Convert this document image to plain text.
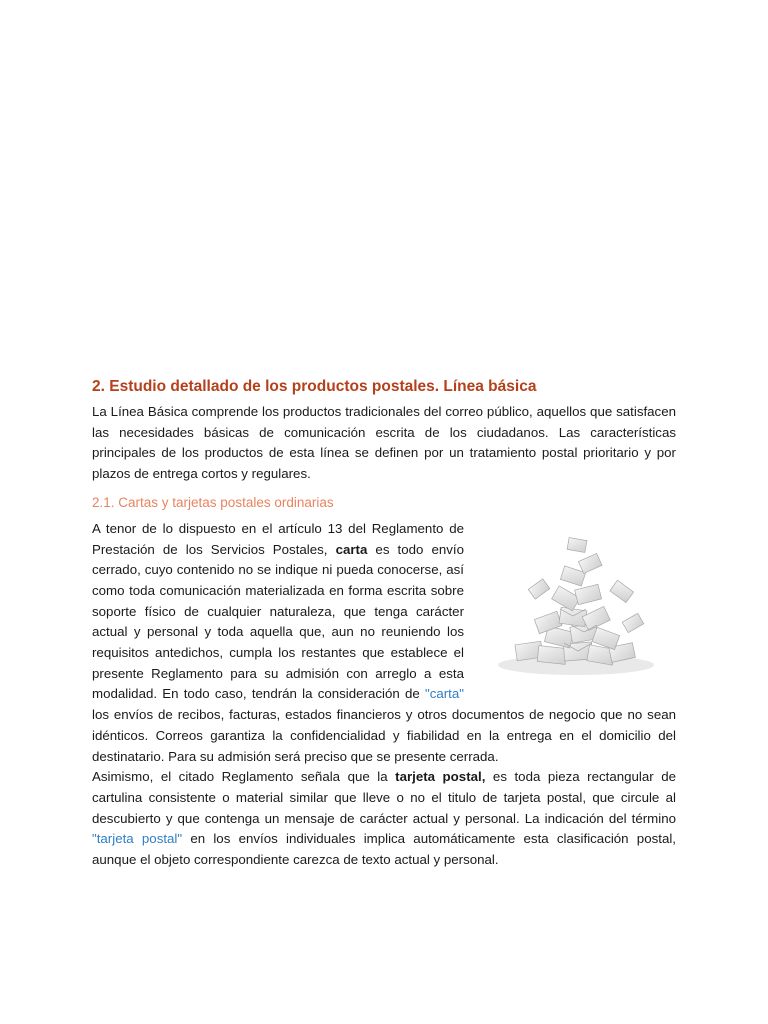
2. Estudio detallado de los productos postales. Línea básica

La Línea Básica comprende los productos tradicionales del correo público, aquellos que satisfacen las necesidades básicas de comunicación escrita de los ciudadanos. Las características principales de los productos de esta línea se definen por un tratamiento postal prioritario y por plazos de entrega cortos y regulares.

2.1. Cartas y tarjetas postales ordinarias

A tenor de lo dispuesto en el artículo 13 del Reglamento de Prestación de los Servicios Postales, carta es todo envío cerrado, cuyo contenido no se indique ni pueda conocerse, así como toda comunicación materializada en forma escrita sobre soporte físico de cualquier naturaleza, que tenga carácter actual y personal y toda aquella que, aun no reuniendo los requisitos antedichos, cumpla los restantes que establece el presente Reglamento para su admisión con arreglo a esta modalidad. En todo caso, tendrán la consideración de "carta" los envíos de recibos, facturas, estados financieros y otros documentos de negocio que no sean idénticos. Correos garantiza la confidencialidad y fiabilidad en la entrega en el domicilio del destinatario. Para su admisión será preciso que se presente cerrada.

Asimismo, el citado Reglamento señala que la tarjeta postal, es toda pieza rectangular de cartulina consistente o material similar que lleve o no el titulo de tarjeta postal, que circule al descubierto y que contenga un mensaje de carácter actual y personal. La indicación del término "tarjeta postal" en los envíos individuales implica automáticamente esta clasificación postal, aunque el objeto correspondiente carezca de texto actual y personal.
